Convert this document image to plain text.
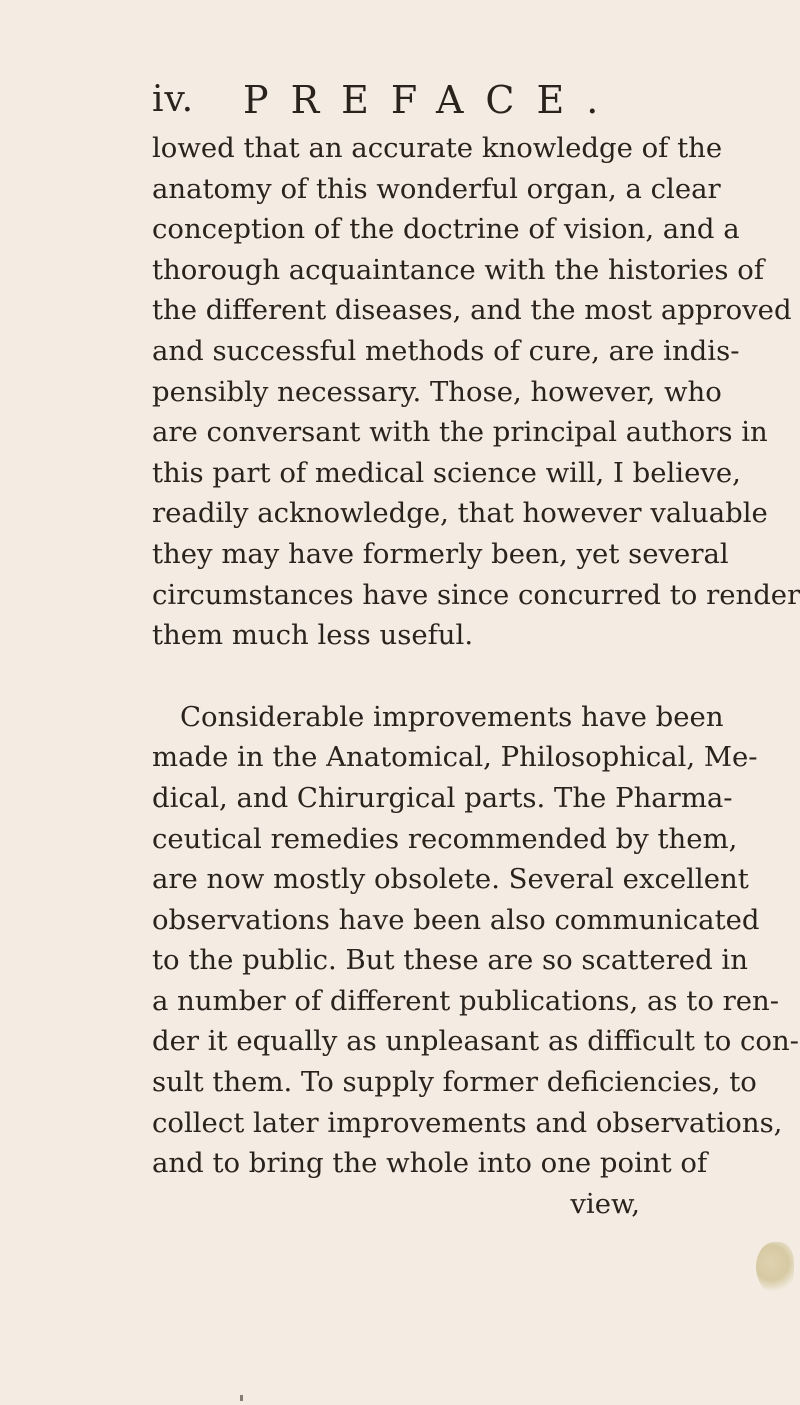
iv. PREFACE.
lowed that an accurate knowledge of the
anatomy of this wonderful organ, a clear
conception of the doctrine of vision, and a
thorough acquaintance with the histories of
the different diseases, and the most approved
and successful methods of cure, are indis-
pensibly necessary. Those, however, who
are conversant with the principal authors in
this part of medical science will, I believe,
readily acknowledge, that however valuable
they may have formerly been, yet several
circumstances have since concurred to render
them much less useful.
Considerable improvements have been
made in the Anatomical, Philosophical, Me-
dical, and Chirurgical parts. The Pharma-
ceutical remedies recommended by them,
are now mostly obsolete. Several excellent
observations have been also communicated
to the public. But these are so scattered in
a number of different publications, as to ren-
der it equally as unpleasant as difficult to con-
sult them. To supply former deficiencies, to
collect later improvements and observations,
and to bring the whole into one point of
view,
